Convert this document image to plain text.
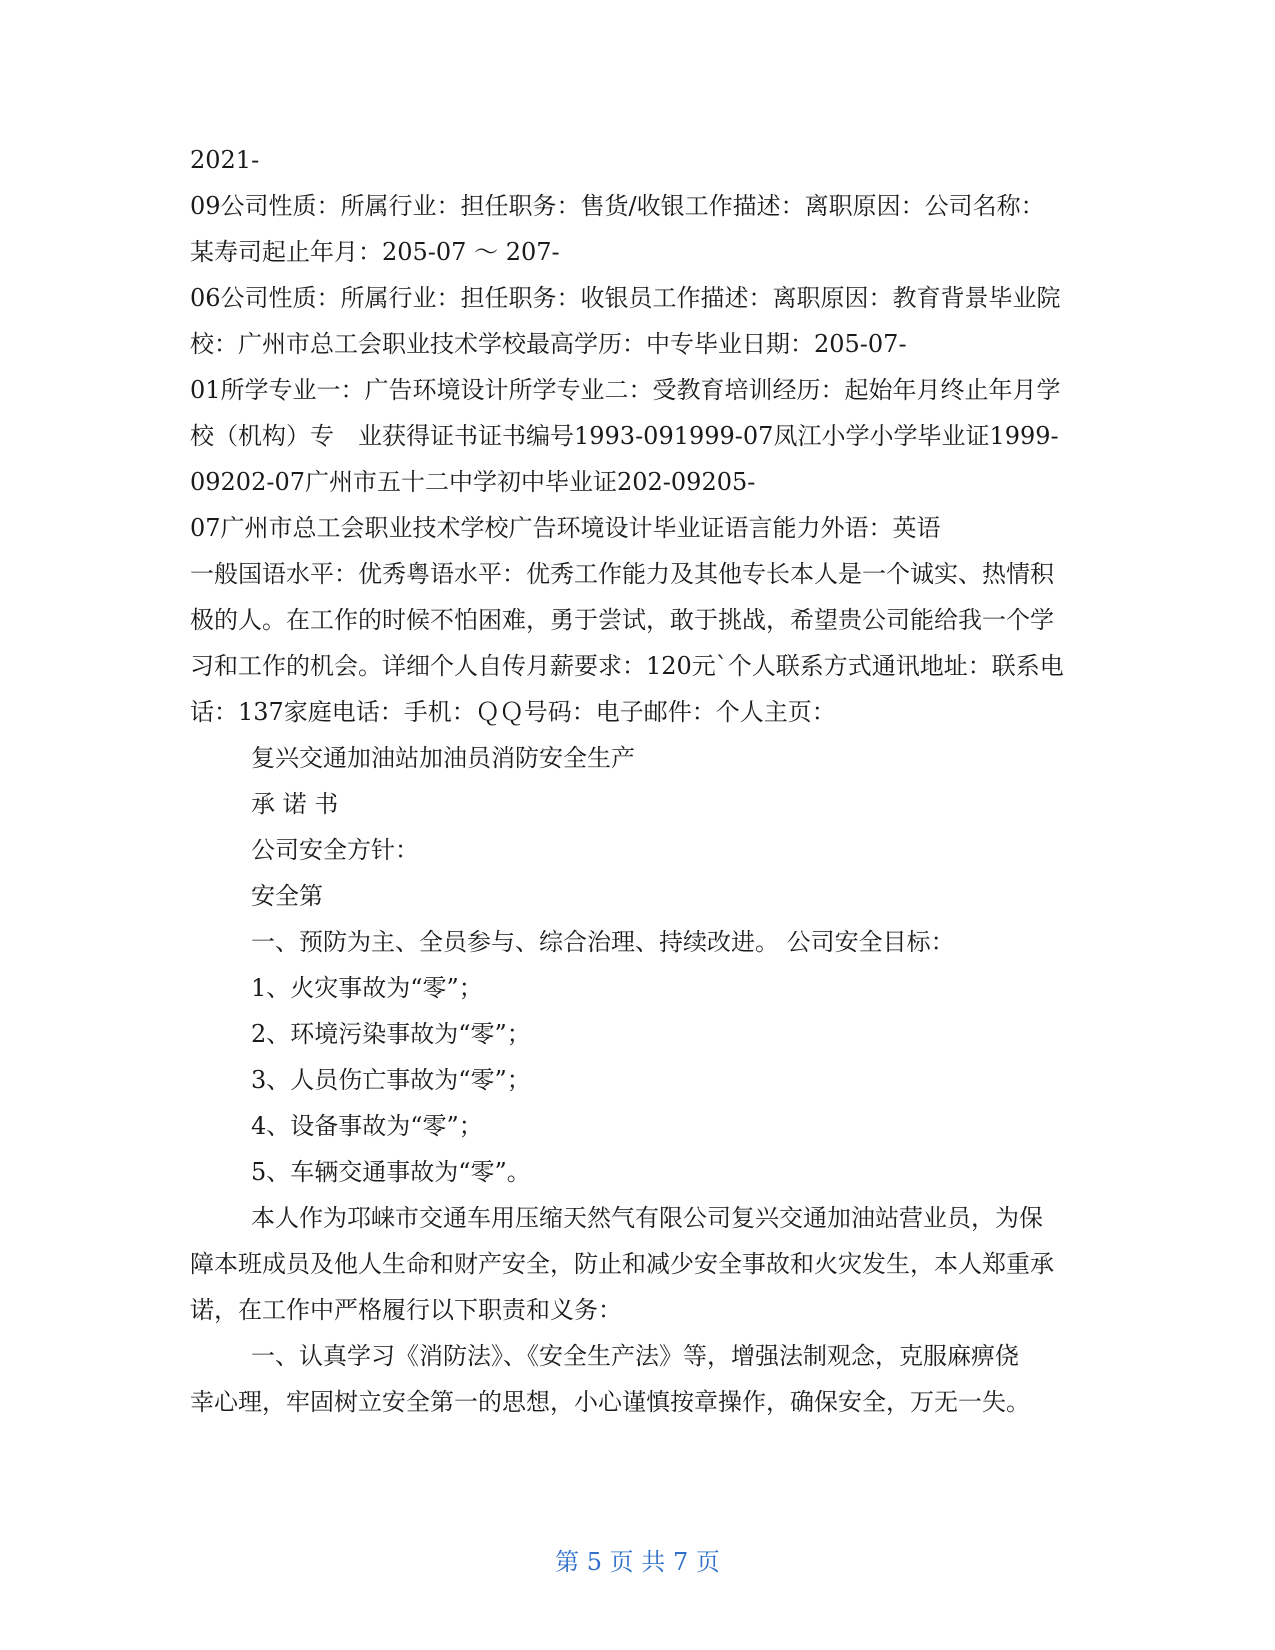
2021-
09公司性质：所属行业：担任职务：售货/收银工作描述：离职原因：公司名称：
某寿司起止年月：205-07 ～ 207-
06公司性质：所属行业：担任职务：收银员工作描述：离职原因：教育背景毕业院
校：广州市总工会职业技术学校最高学历：中专毕业日期：205-07-
01所学专业一：广告环境设计所学专业二：受教育培训经历：起始年月终止年月学
校（机构）专　业获得证书证书编号1993-091999-07凤江小学小学毕业证1999-
09202-07广州市五十二中学初中毕业证202-09205-
07广州市总工会职业技术学校广告环境设计毕业证语言能力外语：英语
一般国语水平：优秀粤语水平：优秀工作能力及其他专长本人是一个诚实、热情积
极的人。在工作的时候不怕困难，勇于尝试，敢于挑战，希望贵公司能给我一个学
习和工作的机会。详细个人自传月薪要求：120元`个人联系方式通讯地址：联系电
话：137家庭电话：手机：ＱＱ号码：电子邮件：个人主页：
复兴交通加油站加油员消防安全生产
承 诺 书
公司安全方针：
安全第
一、预防为主、全员参与、综合治理、持续改进。 公司安全目标：
1、火灾事故为“零”；
2、环境污染事故为“零”；
3、人员伤亡事故为“零”；
4、设备事故为“零”；
5、车辆交通事故为“零”。
本人作为邛崃市交通车用压缩天然气有限公司复兴交通加油站营业员，为保
障本班成员及他人生命和财产安全，防止和减少安全事故和火灾发生，本人郑重承
诺，在工作中严格履行以下职责和义务：
一、认真学习《消防法》、《安全生产法》等，增强法制观念，克服麻痹侥
幸心理，牢固树立安全第一的思想，小心谨慎按章操作，确保安全，万无一失。
第 5 页 共 7 页
